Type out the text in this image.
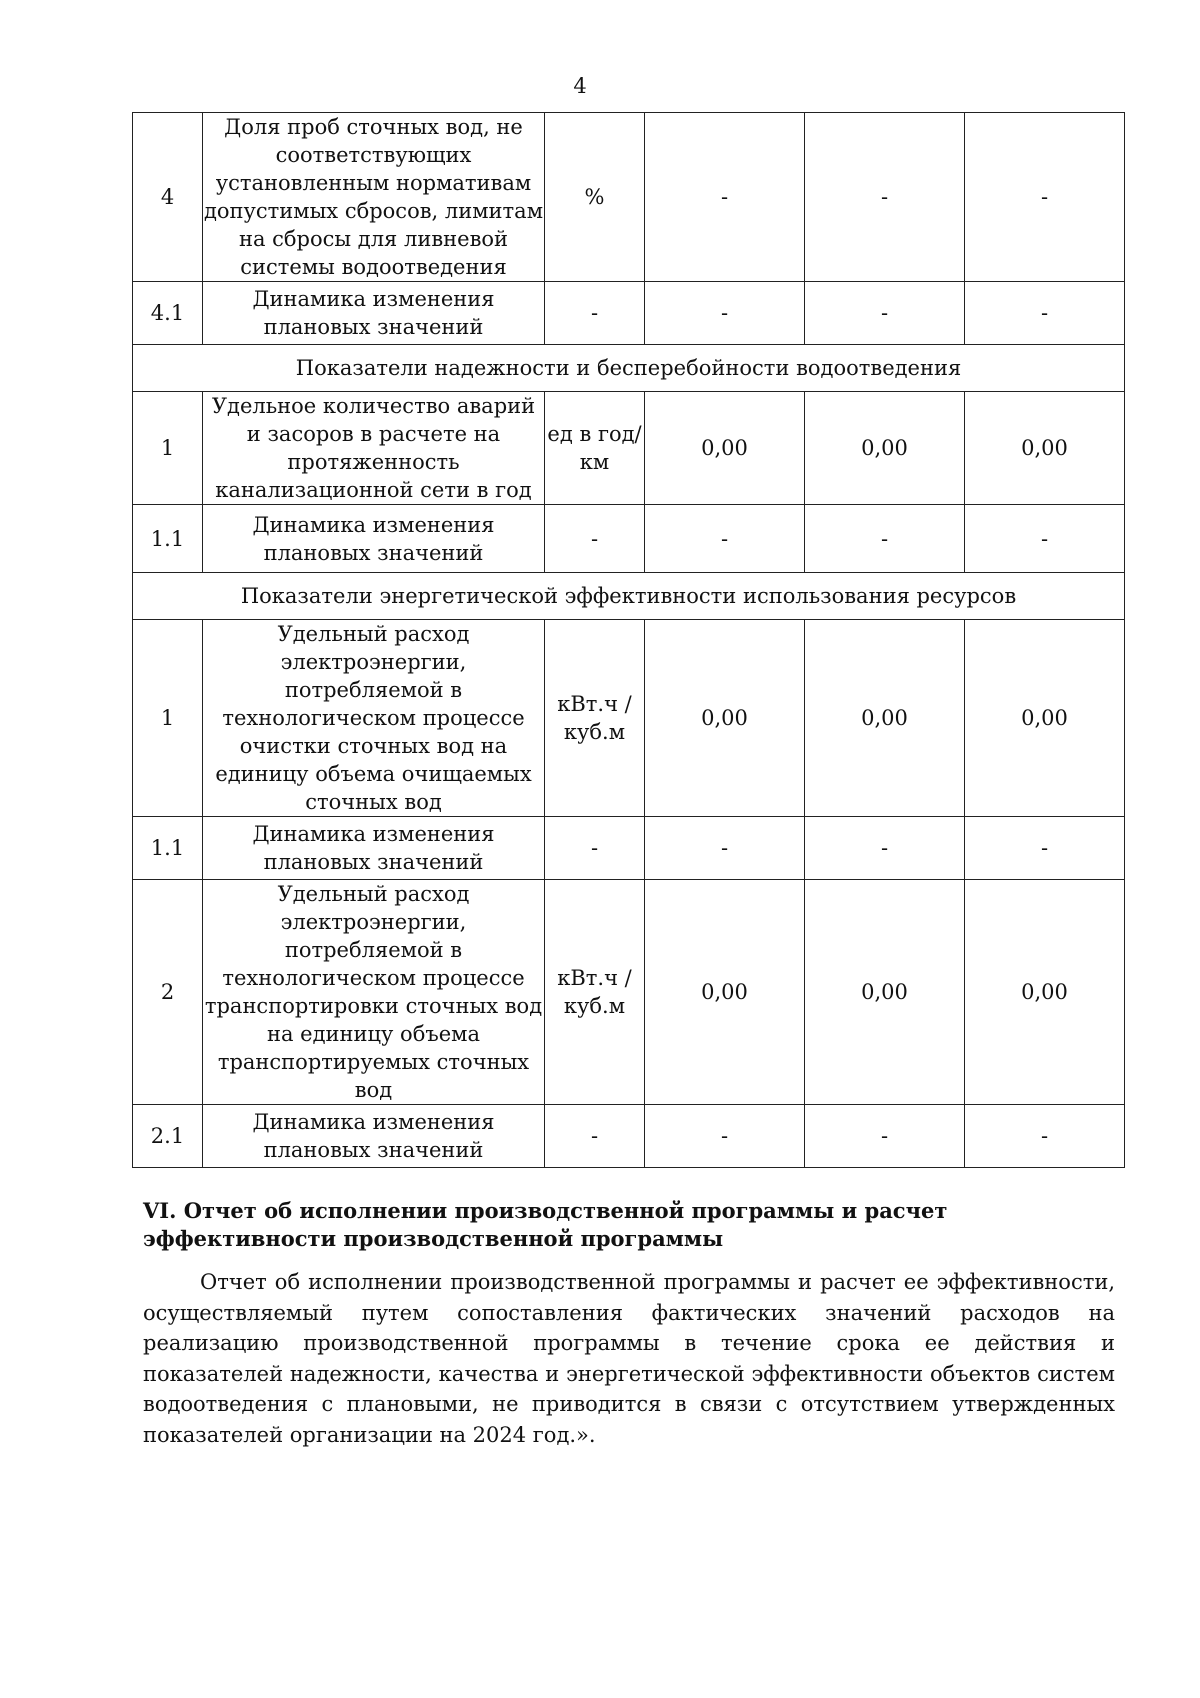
4
4	Доля проб сточных вод, не соответствующих установленным нормативам допустимых сбросов, лимитам на сбросы для ливневой системы водоотведения	%	-	-	-
4.1	Динамика изменения плановых значений	-	-	-	-
Показатели надежности и бесперебойности водоотведения					
1	Удельное количество аварий и засоров в расчете на протяженность канализационной сети в год	ед в год/ км	0,00	0,00	0,00
1.1	Динамика изменения плановых значений	-	-	-	-
Показатели энергетической эффективности использования ресурсов					
1	Удельный расход электроэнергии, потребляемой в технологическом процессе очистки сточных вод на единицу объема очищаемых сточных вод	кВт.ч / куб.м	0,00	0,00	0,00
1.1	Динамика изменения плановых значений	-	-	-	-
2	Удельный расход электроэнергии, потребляемой в технологическом процессе транспортировки сточных вод на единицу объема транспортируемых сточных вод	кВт.ч / куб.м	0,00	0,00	0,00
2.1	Динамика изменения плановых значений	-	-	-	-
VI. Отчет об исполнении производственной программы и расчет эффективности производственной программы
Отчет об исполнении производственной программы и расчет ее эффективности, осуществляемый путем сопоставления фактических значений расходов на реализацию производственной программы в течение срока ее действия и показателей надежности, качества и энергетической эффективности объектов систем водоотведения с плановыми, не приводится в связи с отсутствием утвержденных показателей организации на 2024 год.».
